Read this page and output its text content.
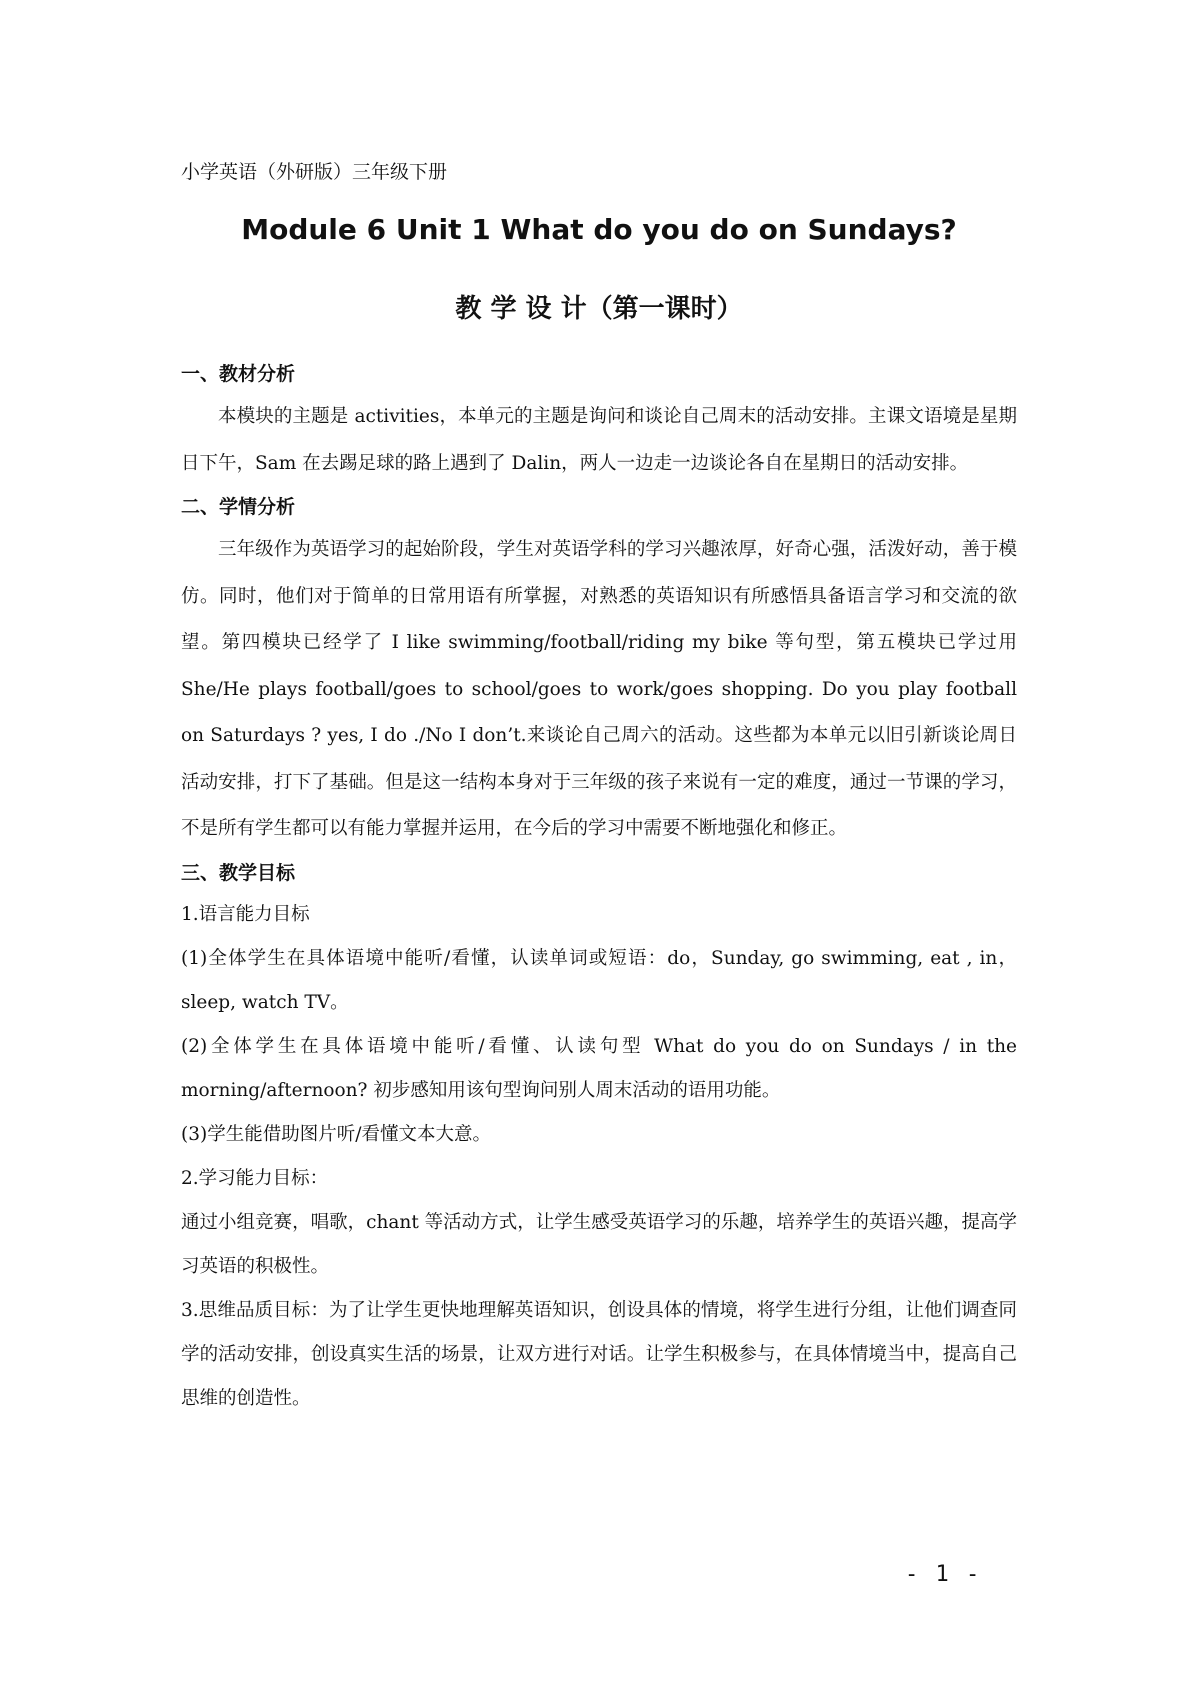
小学英语（外研版）三年级下册

Module 6 Unit 1 What do you do on Sundays?
教 学 设 计（第一课时）
一、教材分析

本模块的主题是 activities，本单元的主题是询问和谈论自己周末的活动安排。主课文语境是星期日下午，Sam 在去踢足球的路上遇到了 Dalin，两人一边走一边谈论各自在星期日的活动安排。

二、学情分析

三年级作为英语学习的起始阶段，学生对英语学科的学习兴趣浓厚，好奇心强，活泼好动，善于模仿。同时，他们对于简单的日常用语有所掌握，对熟悉的英语知识有所感悟具备语言学习和交流的欲望。第四模块已经学了 I like swimming/football/riding my bike 等句型，第五模块已学过用 She/He plays football/goes to school/goes to work/goes shopping. Do you play football on Saturdays ? yes, I do ./No I don’t.来谈论自己周六的活动。这些都为本单元以旧引新谈论周日活动安排，打下了基础。但是这一结构本身对于三年级的孩子来说有一定的难度，通过一节课的学习，不是所有学生都可以有能力掌握并运用，在今后的学习中需要不断地强化和修正。

三、教学目标

1.语言能力目标

(1)全体学生在具体语境中能听/看懂，认读单词或短语：do，Sunday, go swimming, eat , in，sleep, watch TV。

(2)全体学生在具体语境中能听/看懂、认读句型 What do you do on Sundays / in the morning/afternoon? 初步感知用该句型询问别人周末活动的语用功能。

(3)学生能借助图片听/看懂文本大意。

2.学习能力目标：

通过小组竞赛，唱歌，chant 等活动方式，让学生感受英语学习的乐趣，培养学生的英语兴趣，提高学习英语的积极性。

3.思维品质目标：为了让学生更快地理解英语知识，创设具体的情境，将学生进行分组，让他们调查同学的活动安排，创设真实生活的场景，让双方进行对话。让学生积极参与，在具体情境当中，提高自己思维的创造性。

- 1 -
